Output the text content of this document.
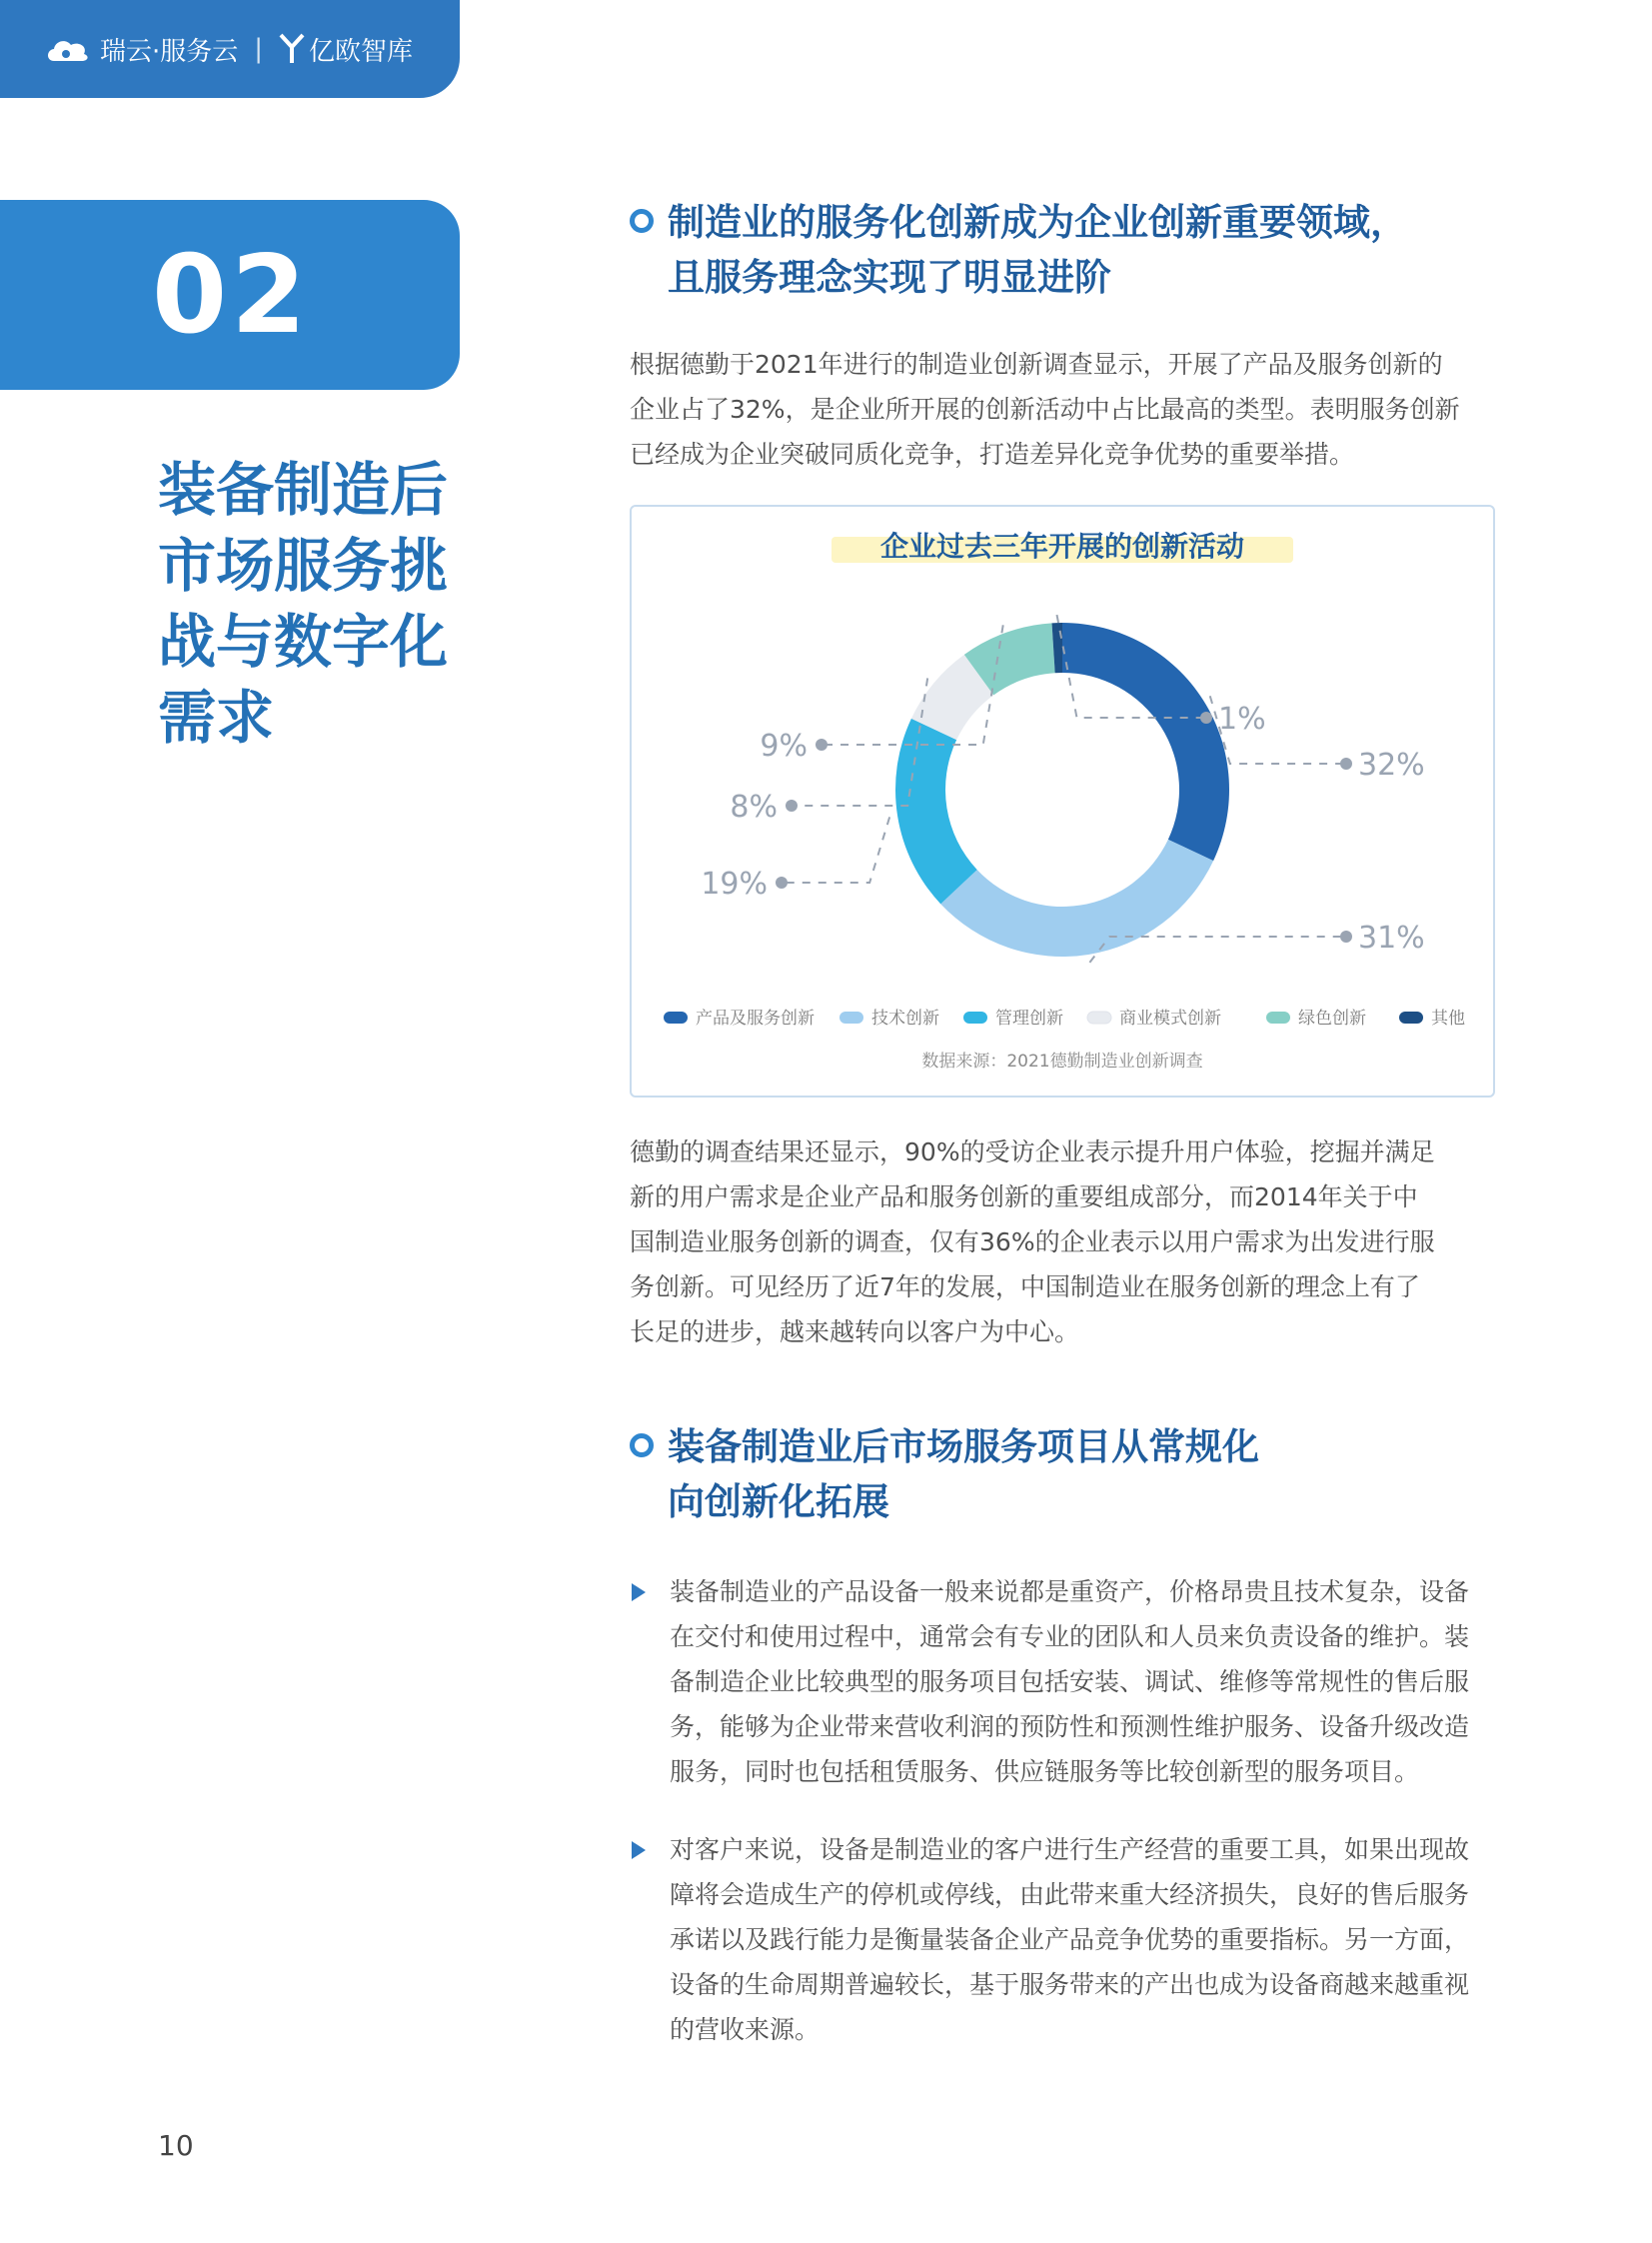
瑞云·服务云 | 亿欧智库
02
装备制造后
市场服务挑
战与数字化
需求
制造业的服务化创新成为企业创新重要领域，
且服务理念实现了明显进阶
根据德勤于2021年进行的制造业创新调查显示，开展了产品及服务创新的
企业占了32%，是企业所开展的创新活动中占比最高的类型。表明服务创新
已经成为企业突破同质化竞争，打造差异化竞争优势的重要举措。
企业过去三年开展的创新活动
32%
31%
19%
8%
9%
1%
产品及服务创新	技术创新	管理创新	商业模式创新	绿色创新	其他
数据来源：2021德勤制造业创新调查
德勤的调查结果还显示，90%的受访企业表示提升用户体验，挖掘并满足
新的用户需求是企业产品和服务创新的重要组成部分，而2014年关于中
国制造业服务创新的调查，仅有36%的企业表示以用户需求为出发进行服
务创新。可见经历了近7年的发展，中国制造业在服务创新的理念上有了
长足的进步，越来越转向以客户为中心。
装备制造业后市场服务项目从常规化
向创新化拓展
装备制造业的产品设备一般来说都是重资产，价格昂贵且技术复杂，设备
在交付和使用过程中，通常会有专业的团队和人员来负责设备的维护。装
备制造企业比较典型的服务项目包括安装、调试、维修等常规性的售后服
务，能够为企业带来营收利润的预防性和预测性维护服务、设备升级改造
服务，同时也包括租赁服务、供应链服务等比较创新型的服务项目。
对客户来说，设备是制造业的客户进行生产经营的重要工具，如果出现故
障将会造成生产的停机或停线，由此带来重大经济损失，良好的售后服务
承诺以及践行能力是衡量装备企业产品竞争优势的重要指标。另一方面，
设备的生命周期普遍较长，基于服务带来的产出也成为设备商越来越重视
的营收来源。
10
